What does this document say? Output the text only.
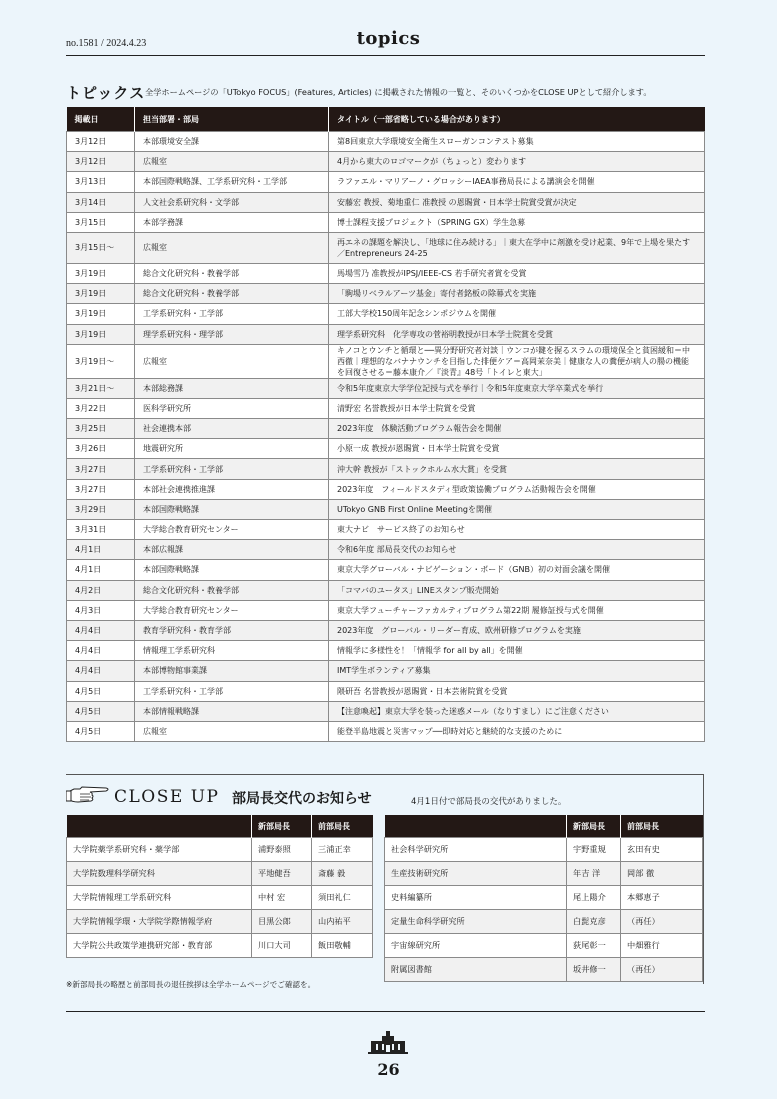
no.1581 / 2024.4.23	topics
トピックス 全学ホームページの「UTokyo FOCUS」(Features, Articles) に掲載された情報の一覧と、そのいくつかをCLOSE UPとして紹介します。
掲載日	担当部署・部局	タイトル（一部省略している場合があります）
3月12日	本部環境安全課	第8回東京大学環境安全衛生スローガンコンテスト募集
3月12日	広報室	4月から東大のロゴマークが（ちょっと）変わります
3月13日	本部国際戦略課、工学系研究科・工学部	ラファエル・マリアーノ・グロッシーIAEA事務局長による講演会を開催
3月14日	人文社会系研究科・文学部	安藤宏 教授、菊地重仁 准教授 の恩賜賞・日本学士院賞受賞が決定
3月15日	本部学務課	博士課程支援プロジェクト（SPRING GX）学生急募
3月15日〜	広報室	再エネの課題を解決し、「地球に住み続ける」｜東大在学中に剤激を受け起業、9年で上場を果たす／Entrepreneurs 24-25
3月19日	総合文化研究科・教養学部	馬場雪乃 准教授がIPSJ/IEEE-CS 若手研究者賞を受賞
3月19日	総合文化研究科・教養学部	「駒場リベラルアーツ基金」寄付者銘板の除幕式を実施
3月19日	工学系研究科・工学部	工部大学校150周年記念シンポジウムを開催
3月19日	理学系研究科・理学部	理学系研究科　化学専攻の菅裕明教授が日本学士院賞を受賞
3月19日〜	広報室	キノコとウンチと循環と──異分野研究者対談｜ウンコが鍵を握るスラムの環境保全と貧困緩和＝中西徹｜理想的なバナナウンチを目指した排便ケア＝高岡茉奈美｜健康な人の糞便が病人の腸の機能を回復させる＝藤本康介／『淡青』48号「トイレと東大」
3月21日〜	本部総務課	令和5年度東京大学学位記授与式を挙行｜令和5年度東京大学卒業式を挙行
3月22日	医科学研究所	清野宏 名誉教授が日本学士院賞を受賞
3月25日	社会連携本部	2023年度　体験活動プログラム報告会を開催
3月26日	地震研究所	小原一成 教授が恩賜賞・日本学士院賞を受賞
3月27日	工学系研究科・工学部	沖大幹 教授が「ストックホルム水大賞」を受賞
3月27日	本部社会連携推進課	2023年度　フィールドスタディ型政策協働プログラム活動報告会を開催
3月29日	本部国際戦略課	UTokyo GNB First Online Meetingを開催
3月31日	大学総合教育研究センター	東大ナビ　サービス終了のお知らせ
4月1日	本部広報課	令和6年度 部局長交代のお知らせ
4月1日	本部国際戦略課	東京大学グローバル・ナビゲーション・ボード（GNB）初の対面会議を開催
4月2日	総合文化研究科・教養学部	「コマバのユータス」LINEスタンプ販売開始
4月3日	大学総合教育研究センター	東京大学フューチャーファカルティプログラム第22期 履修証授与式を開催
4月4日	教育学研究科・教育学部	2023年度　グローバル・リーダー育成、欧州研修プログラムを実施
4月4日	情報理工学系研究科	情報学に多様性を！「情報学 for all by all」を開催
4月4日	本部博物館事業課	IMT学生ボランティア募集
4月5日	工学系研究科・工学部	隈研吾 名誉教授が恩賜賞・日本芸術院賞を受賞
4月5日	本部情報戦略課	【注意喚起】東京大学を装った迷惑メール（なりすまし）にご注意ください
4月5日	広報室	能登半島地震と災害マップ──即時対応と継続的な支援のために
CLOSE UP 部局長交代のお知らせ	4月1日付で部局長の交代がありました。
	新部局長	前部局長
大学院薬学系研究科・薬学部	浦野泰照	三浦正幸
大学院数理科学研究科	平地健吾	斎藤 毅
大学院情報理工学系研究科	中村 宏	須田礼仁
大学院情報学環・大学院学際情報学府	目黒公郎	山内祐平
大学院公共政策学連携研究部・教育部	川口大司	飯田敬輔
	新部局長	前部局長
社会科学研究所	宇野重規	玄田有史
生産技術研究所	年吉 洋	岡部 徹
史料編纂所	尾上陽介	本郷恵子
定量生命科学研究所	白髭克彦	（再任）
宇宙線研究所	荻尾彰一	中畑雅行
附属図書館	坂井修一	（再任）
※新部局長の略歴と前部局長の退任挨拶は全学ホームページでご確認を。
26
